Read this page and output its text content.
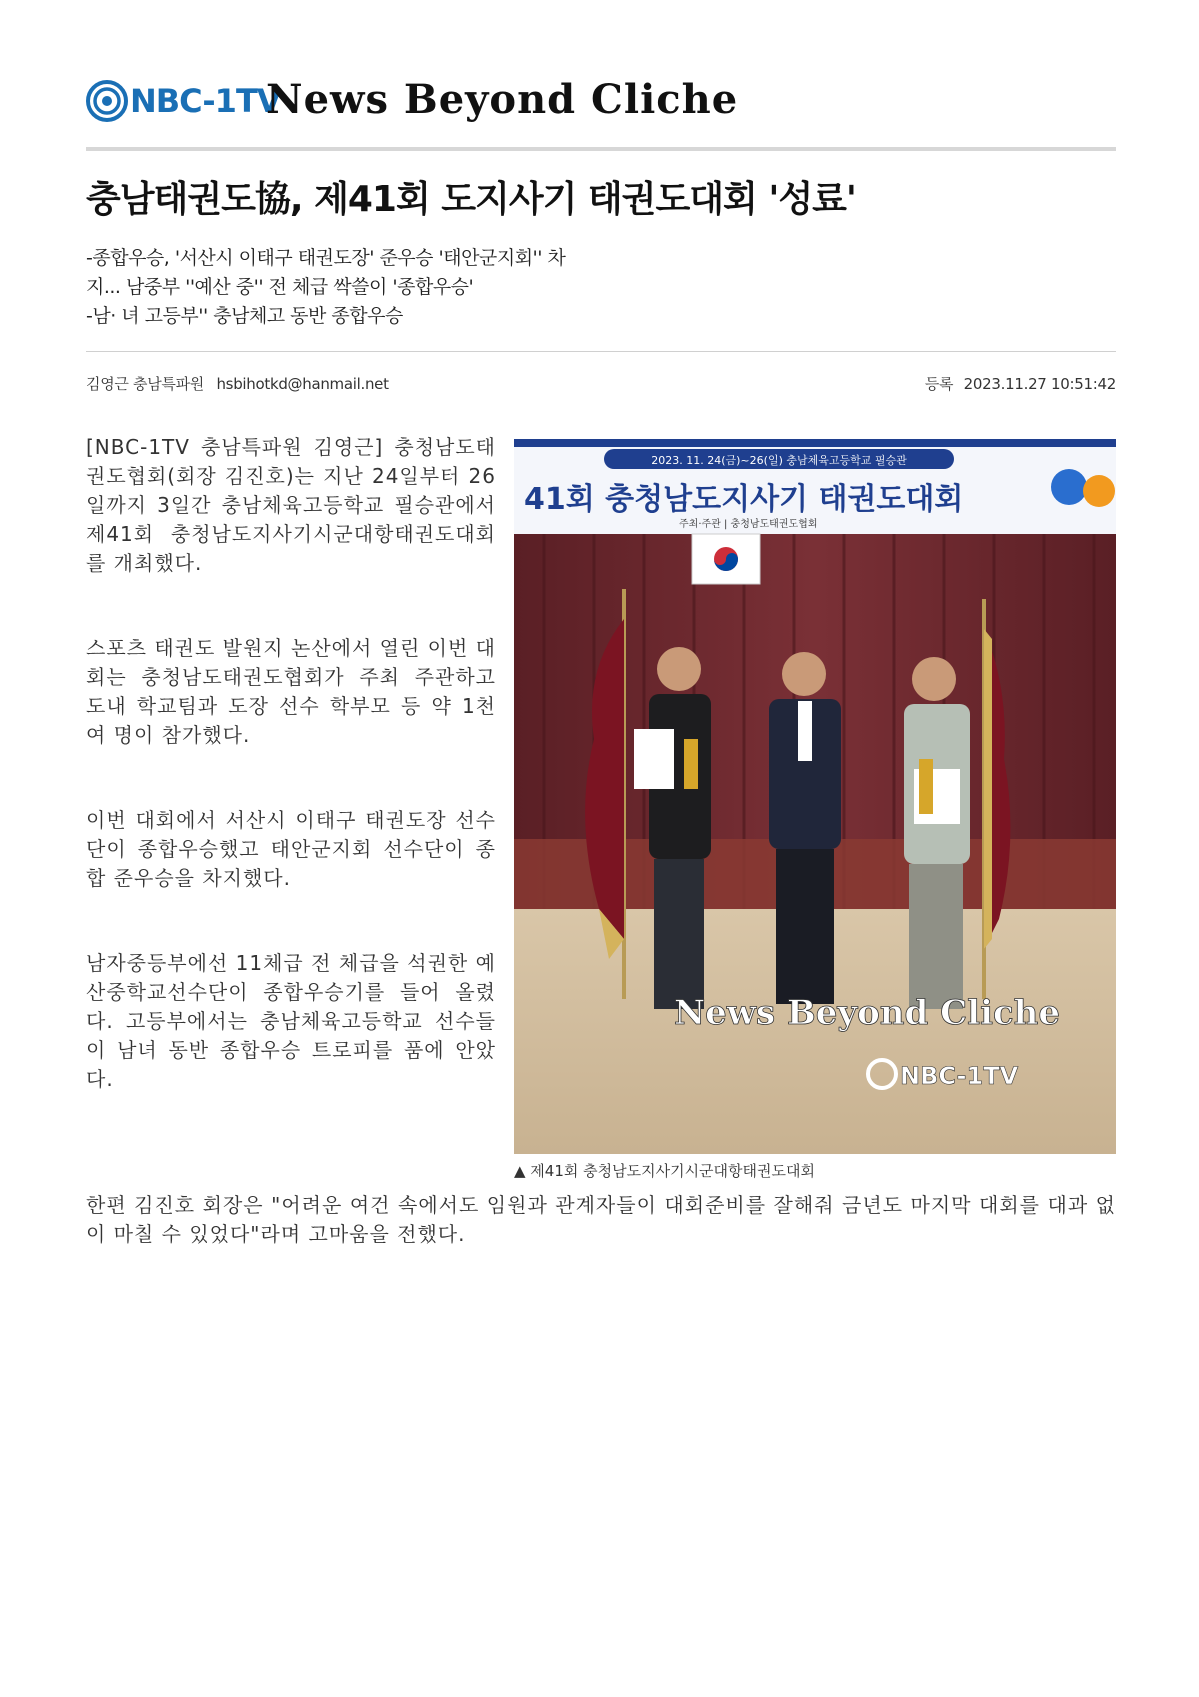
NBC-1TV
News Beyond Cliche
충남태권도協, 제41회 도지사기 태권도대회 '성료'

-종합우승, '서산시 이태구 태권도장' 준우승 '태안군지회'' 차

지... 남중부 ''예산 중'' 전 체급 싹쓸이 '종합우승'

-남· 녀 고등부'' 충남체고 동반 종합우승

김영근 충남특파원 hsbihotkd@hanmail.net	등록 2023.11.27 10:51:42

[NBC-1TV 충남특파원 김영근] 충청남도태권도협회(회장 김진호)는 지난 24일부터 26일까지 3일간 충남체육고등학교 필승관에서 제41회 충청남도지사기시군대항태권도대회를 개최했다.

스포츠 태권도 발원지 논산에서 열린 이번 대회는 충청남도태권도협회가 주최 주관하고 도내 학교팀과 도장 선수 학부모 등 약 1천여 명이 참가했다.

이번 대회에서 서산시 이태구 태권도장 선수단이 종합우승했고 태안군지회 선수단이 종합 준우승을 차지했다.

남자중등부에선 11체급 전 체급을 석권한 예산중학교선수단이 종합우승기를 들어 올렸다. 고등부에서는 충남체육고등학교 선수들이 남녀 동반 종합우승 트로피를 품에 안았다.

2023. 11. 24(금)~26(일) 충남체육고등학교 필승관
41회 충청남도지사기 태권도대회
주최·주관 | 충청남도태권도협회
News Beyond Cliche
NBC-1TV
▲ 제41회 충청남도지사기시군대항태권도대회
한편 김진호 회장은 "어려운 여건 속에서도 임원과 관계자들이 대회준비를 잘해줘 금년도 마지막 대회를 대과 없이 마칠 수 있었다"라며 고마움을 전했다.
